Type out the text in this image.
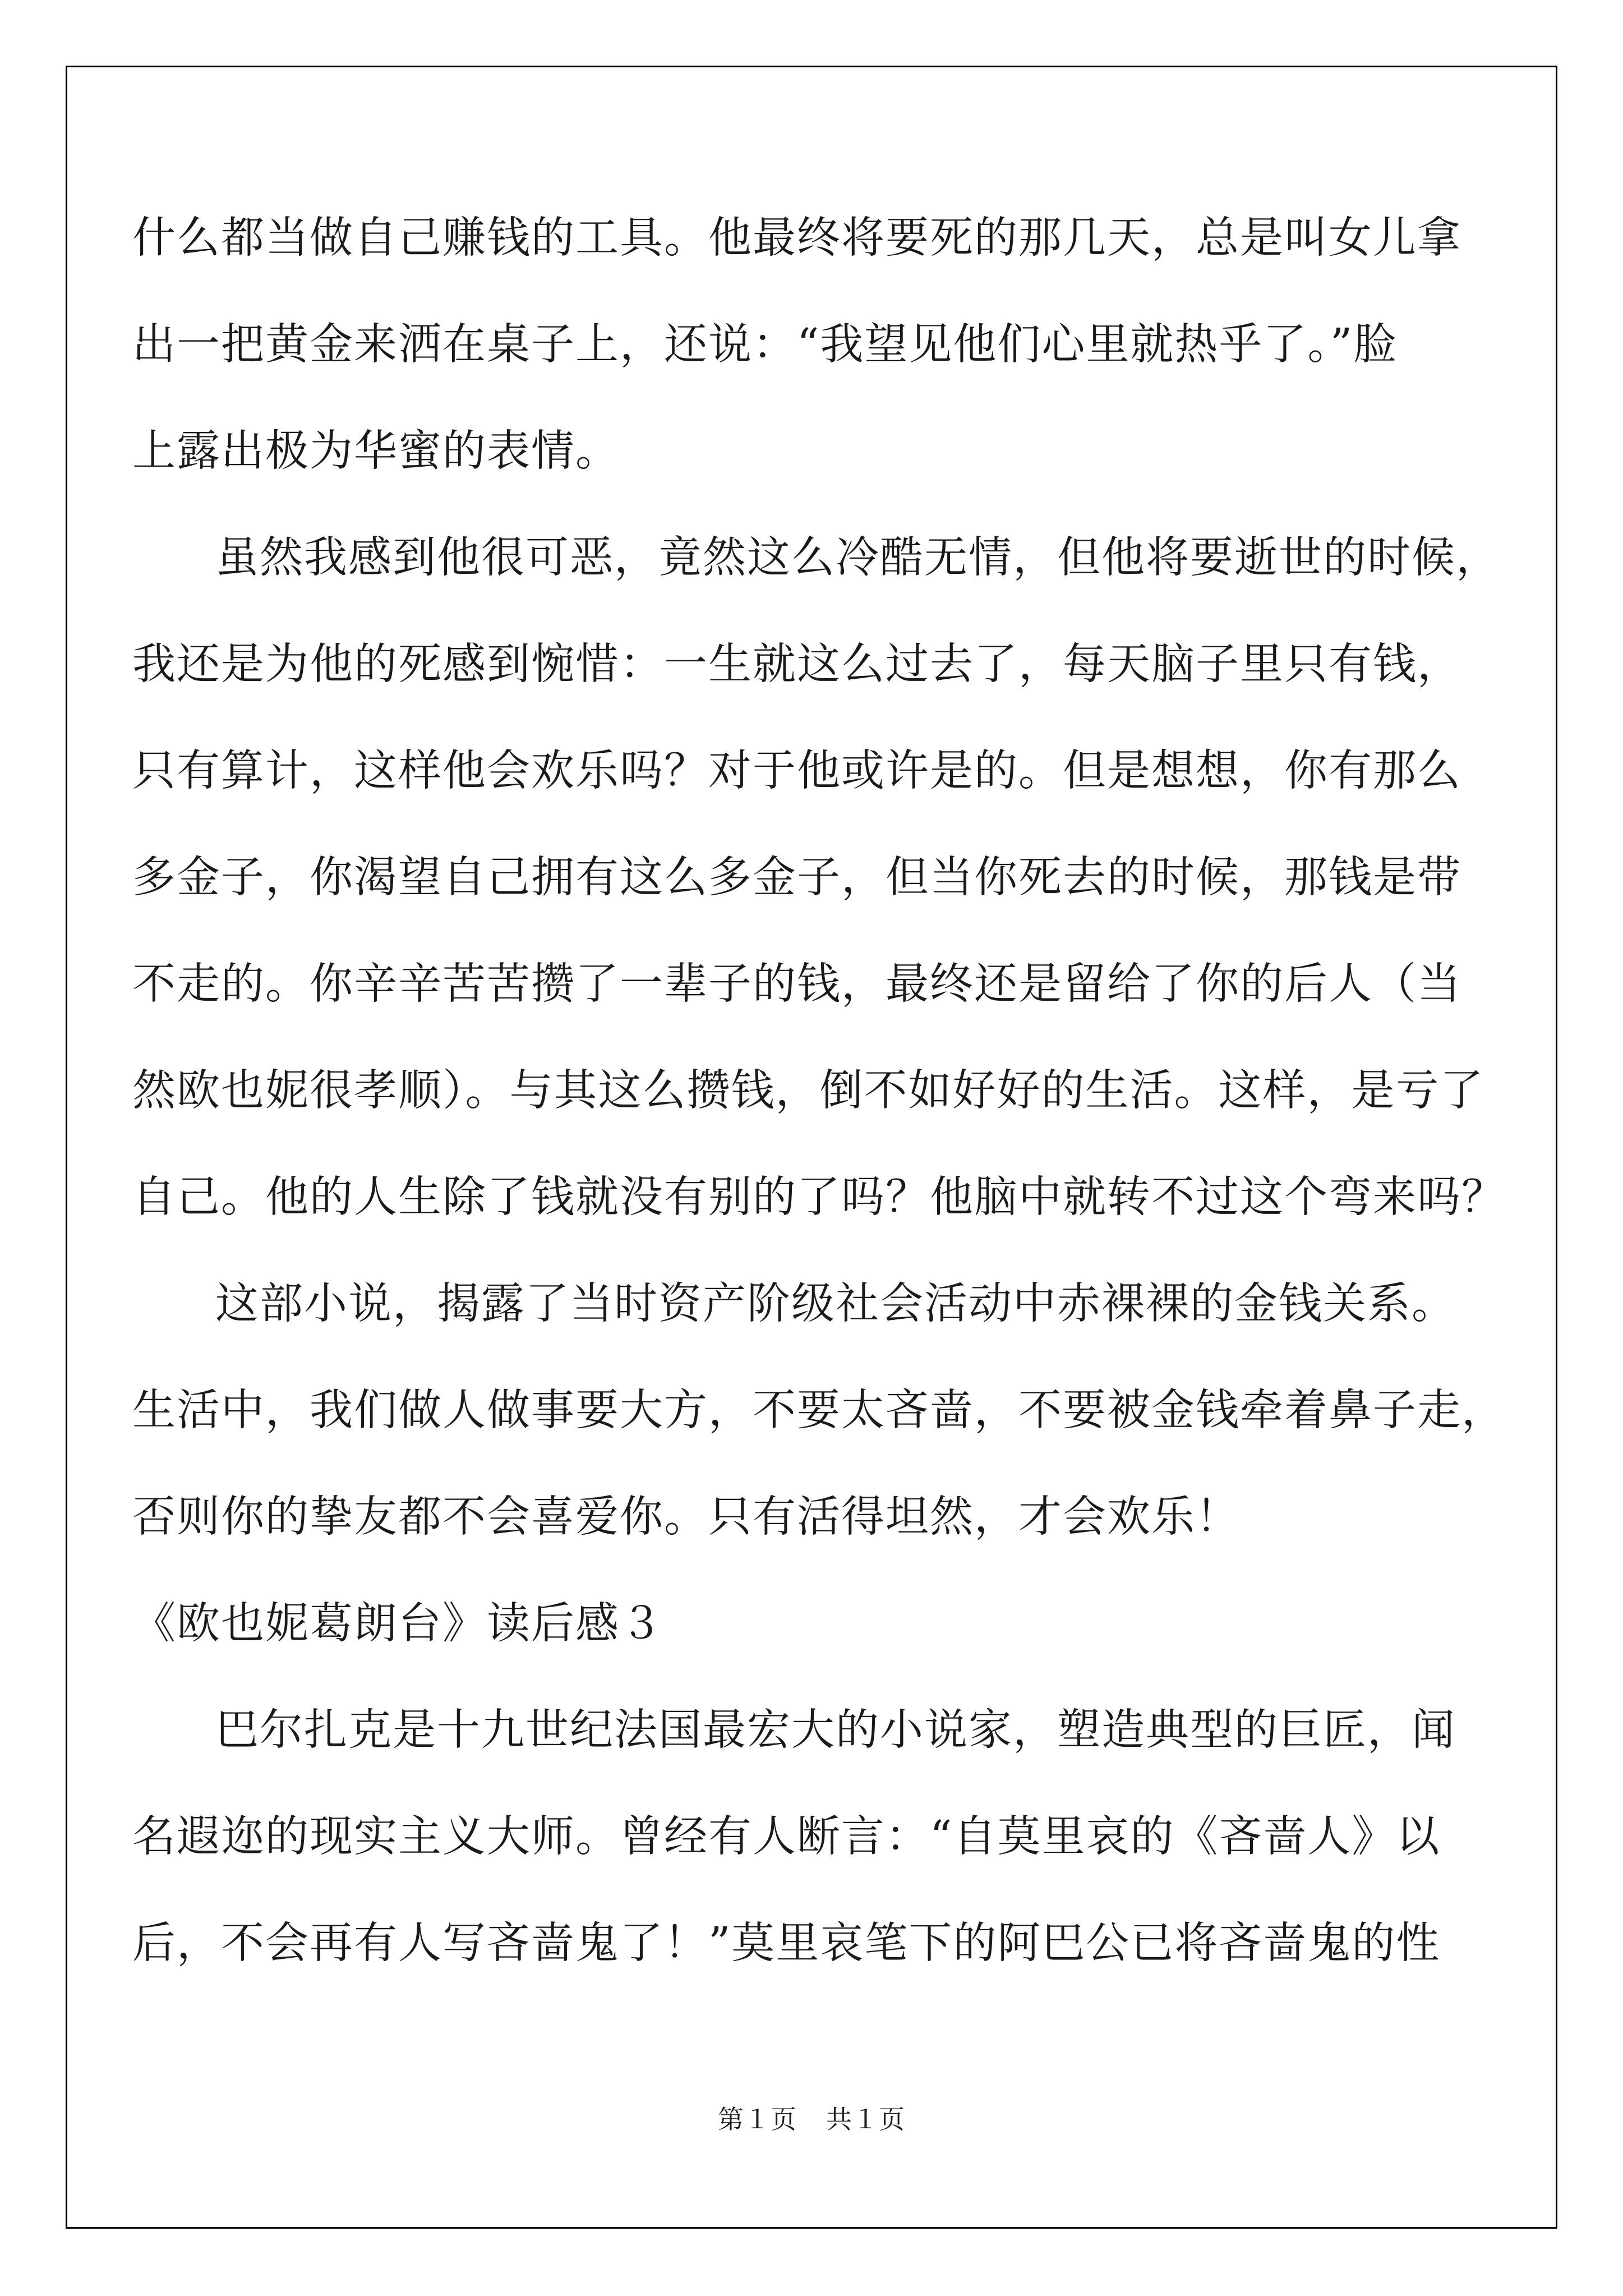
什么都当做自己赚钱的工具。他最终将要死的那几天，总是叫女儿拿

出一把黄金来洒在桌子上，还说：“我望见他们心里就热乎了。”脸

上露出极为华蜜的表情。

虽然我感到他很可恶，竟然这么冷酷无情，但他将要逝世的时候，

我还是为他的死感到惋惜：一生就这么过去了，每天脑子里只有钱，

只有算计，这样他会欢乐吗？对于他或许是的。但是想想，你有那么

多金子，你渴望自己拥有这么多金子，但当你死去的时候，那钱是带

不走的。你辛辛苦苦攒了一辈子的钱，最终还是留给了你的后人（当

然欧也妮很孝顺）。与其这么攒钱，倒不如好好的生活。这样，是亏了

自己。他的人生除了钱就没有别的了吗？他脑中就转不过这个弯来吗？

这部小说，揭露了当时资产阶级社会活动中赤裸裸的金钱关系。

生活中，我们做人做事要大方，不要太吝啬，不要被金钱牵着鼻子走，

否则你的挚友都不会喜爱你。只有活得坦然，才会欢乐！

《欧也妮葛朗台》读后感３

巴尔扎克是十九世纪法国最宏大的小说家，塑造典型的巨匠，闻

名遐迩的现实主义大师。曾经有人断言：“自莫里哀的《吝啬人》以

后，不会再有人写吝啬鬼了！”莫里哀笔下的阿巴公已将吝啬鬼的性

第１页 共１页
